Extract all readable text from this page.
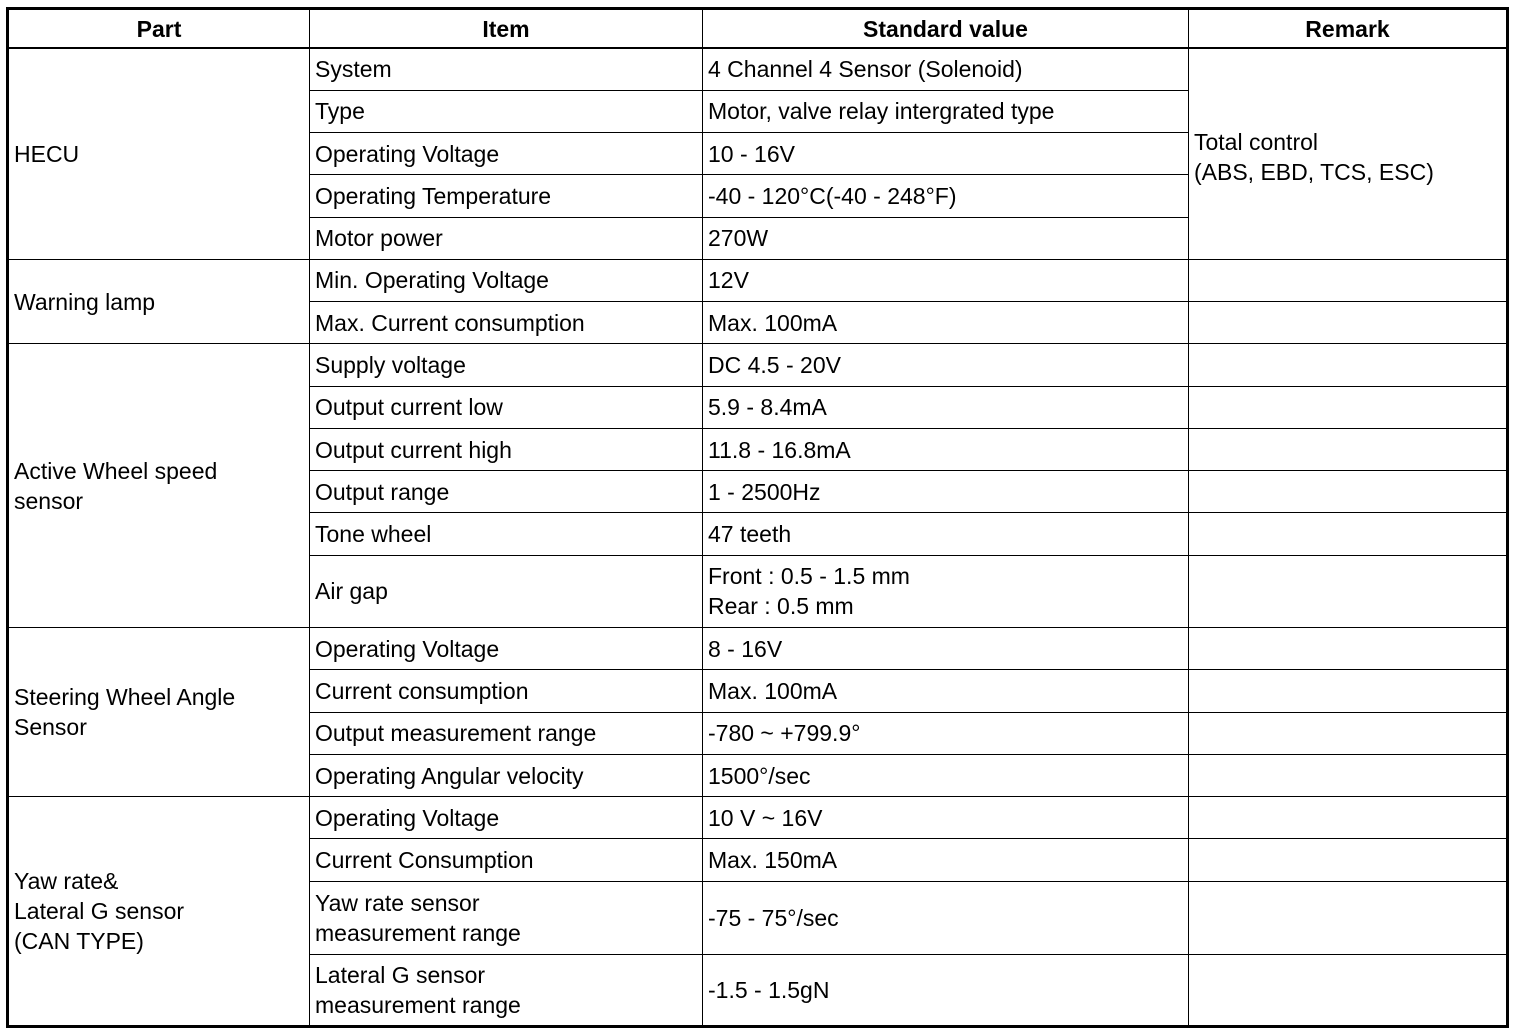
Part	Item	Standard value	Remark
HECU	System	4 Channel 4 Sensor (Solenoid)	Total control
(ABS, EBD, TCS, ESC)
	Type	Motor, valve relay intergrated type	
	Operating Voltage	10 - 16V	
	Operating Temperature	-40 - 120°C(-40 - 248°F)	
	Motor power	270W	
Warning lamp	Min. Operating Voltage	12V	
	Max. Current consumption	Max. 100mA	
Active Wheel speed
sensor	Supply voltage	DC 4.5 - 20V	
	Output current low	5.9 - 8.4mA	
	Output current high	11.8 - 16.8mA	
	Output range	1 - 2500Hz	
	Tone wheel	47 teeth	
	Air gap	Front : 0.5 - 1.5 mm
Rear : 0.5 mm	
Steering Wheel Angle
Sensor	Operating Voltage	8 - 16V	
	Current consumption	Max. 100mA	
	Output measurement range	-780 ~ +799.9°	
	Operating Angular velocity	1500°/sec	
Yaw rate&
Lateral G sensor
(CAN TYPE)	Operating Voltage	10 V ~ 16V	
	Current Consumption	Max. 150mA	
	Yaw rate sensor
measurement range	-75 - 75°/sec	
	Lateral G sensor
measurement range	-1.5 - 1.5gN	
